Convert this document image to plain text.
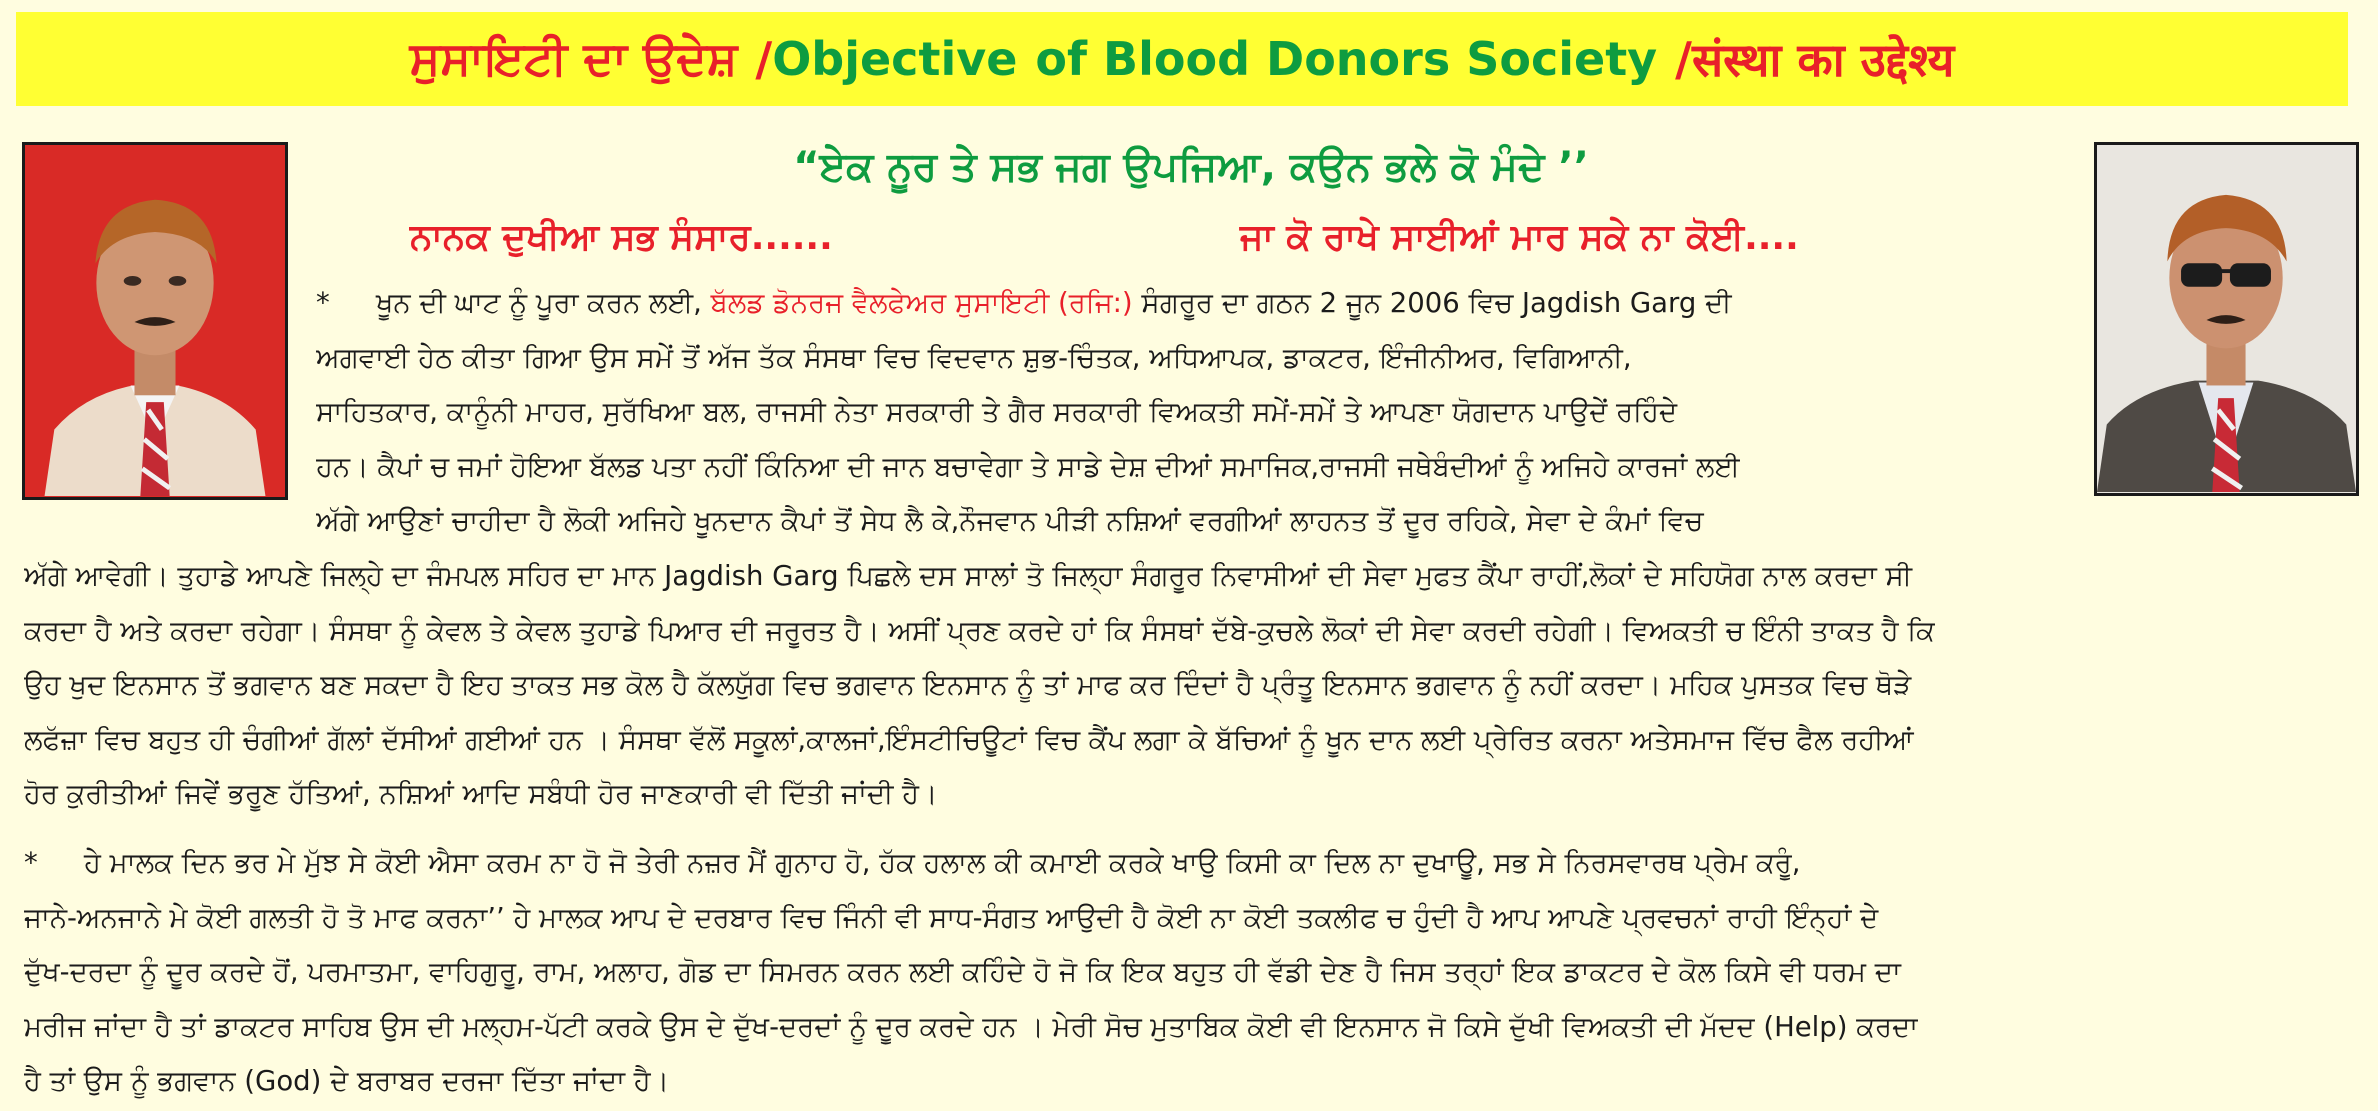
ਸੁਸਾਇਟੀ ਦਾ ਉਦੇਸ਼ / Objective of Blood Donors Society / संस्था का उद्देश्य
“ਏਕ ਨੂਰ ਤੇ ਸਭ ਜਗ ਉਪਜਿਆ, ਕਉਨ ਭਲੇ ਕੋ ਮੰਦੇ ’’
ਨਾਨਕ ਦੁਖੀਆ ਸਭ ਸੰਸਾਰ......	ਜਾ ਕੋ ਰਾਖੇ ਸਾਈਆਂ ਮਾਰ ਸਕੇ ਨਾ ਕੋਈ....
* ਖੂਨ ਦੀ ਘਾਟ ਨੂੰ ਪੂਰਾ ਕਰਨ ਲਈ, ਬੱਲਡ ਡੋਨਰਜ ਵੈਲਫੇਅਰ ਸੁਸਾਇਟੀ (ਰਜਿ:) ਸੰਗਰੂਰ ਦਾ ਗਠਨ 2 ਜੂਨ 2006 ਵਿਚ Jagdish Garg ਦੀ
ਅਗਵਾਈ ਹੇਠ ਕੀਤਾ ਗਿਆ ਉਸ ਸਮੇਂ ਤੋਂ ਅੱਜ ਤੱਕ ਸੰਸਥਾ ਵਿਚ ਵਿਦਵਾਨ ਸ਼ੁਭ-ਚਿੰਤਕ, ਅਧਿਆਪਕ, ਡਾਕਟਰ, ਇੰਜੀਨੀਅਰ, ਵਿਗਿਆਨੀ,
ਸਾਹਿਤਕਾਰ, ਕਾਨੂੰਨੀ ਮਾਹਰ, ਸੁਰੱਖਿਆ ਬਲ, ਰਾਜਸੀ ਨੇਤਾ ਸਰਕਾਰੀ ਤੇ ਗੈਰ ਸਰਕਾਰੀ ਵਿਅਕਤੀ ਸਮੇਂ-ਸਮੇਂ ਤੇ ਆਪਣਾ ਯੋਗਦਾਨ ਪਾਉਦੇਂ ਰਹਿੰਦੇ
ਹਨ। ਕੈਪਾਂ ਚ ਜਮਾਂ ਹੋਇਆ ਬੱਲਡ ਪਤਾ ਨਹੀਂ ਕਿੰਨਿਆ ਦੀ ਜਾਨ ਬਚਾਵੇਗਾ ਤੇ ਸਾਡੇ ਦੇਸ਼ ਦੀਆਂ ਸਮਾਜਿਕ,ਰਾਜਸੀ ਜਥੇਬੰਦੀਆਂ ਨੂੰ ਅਜਿਹੇ ਕਾਰਜਾਂ ਲਈ
ਅੱਗੇ ਆਉਣਾਂ ਚਾਹੀਦਾ ਹੈ ਲੋਕੀ ਅਜਿਹੇ ਖੂਨਦਾਨ ਕੈਪਾਂ ਤੋਂ ਸੇਧ ਲੈ ਕੇ,ਨੌਜਵਾਨ ਪੀੜੀ ਨਸ਼ਿਆਂ ਵਰਗੀਆਂ ਲਾਹਨਤ ਤੋਂ ਦੂਰ ਰਹਿਕੇ, ਸੇਵਾ ਦੇ ਕੰਮਾਂ ਵਿਚ
ਅੱਗੇ ਆਵੇਗੀ। ਤੁਹਾਡੇ ਆਪਣੇ ਜਿਲ੍ਹੇ ਦਾ ਜੰਮਪਲ ਸਹਿਰ ਦਾ ਮਾਨ Jagdish Garg ਪਿਛਲੇ ਦਸ ਸਾਲਾਂ ਤੋ ਜਿਲ੍ਹਾ ਸੰਗਰੂਰ ਨਿਵਾਸੀਆਂ ਦੀ ਸੇਵਾ ਮੁਫਤ ਕੈਂਪਾ ਰਾਹੀਂ,ਲੋਕਾਂ ਦੇ ਸਹਿਯੋਗ ਨਾਲ ਕਰਦਾ ਸੀ
ਕਰਦਾ ਹੈ ਅਤੇ ਕਰਦਾ ਰਹੇਗਾ। ਸੰਸਥਾ ਨੂੰ ਕੇਵਲ ਤੇ ਕੇਵਲ ਤੁਹਾਡੇ ਪਿਆਰ ਦੀ ਜਰੂਰਤ ਹੈ। ਅਸੀਂ ਪ੍ਰਣ ਕਰਦੇ ਹਾਂ ਕਿ ਸੰਸਥਾਂ ਦੱਬੇ-ਕੁਚਲੇ ਲੋਕਾਂ ਦੀ ਸੇਵਾ ਕਰਦੀ ਰਹੇਗੀ। ਵਿਅਕਤੀ ਚ ਇੰਨੀ ਤਾਕਤ ਹੈ ਕਿ
ਉਹ ਖੁਦ ਇਨਸਾਨ ਤੋਂ ਭਗਵਾਨ ਬਣ ਸਕਦਾ ਹੈ ਇਹ ਤਾਕਤ ਸਭ ਕੋਲ ਹੈ ਕੱਲਯੁੱਗ ਵਿਚ ਭਗਵਾਨ ਇਨਸਾਨ ਨੂੰ ਤਾਂ ਮਾਫ ਕਰ ਦਿੰਦਾਂ ਹੈ ਪ੍ਰੰਤੂ ਇਨਸਾਨ ਭਗਵਾਨ ਨੂੰ ਨਹੀਂ ਕਰਦਾ। ਮਹਿਕ ਪੁਸਤਕ ਵਿਚ ਥੋੜੇ
ਲਫੱਜ਼ਾ ਵਿਚ ਬਹੁਤ ਹੀ ਚੰਗੀਆਂ ਗੱਲਾਂ ਦੱਸੀਆਂ ਗਈਆਂ ਹਨ । ਸੰਸਥਾ ਵੱਲੋਂ ਸਕੂਲਾਂ,ਕਾਲਜਾਂ,ਇੰਸਟੀਚਿਊਟਾਂ ਵਿਚ ਕੈਂਪ ਲਗਾ ਕੇ ਬੱਚਿਆਂ ਨੂੰ ਖੂਨ ਦਾਨ ਲਈ ਪ੍ਰੇਰਿਤ ਕਰਨਾ ਅਤੇਸਮਾਜ ਵਿੱਚ ਫੈਲ ਰਹੀਆਂ
ਹੋਰ ਕੁਰੀਤੀਆਂ ਜਿਵੇਂ ਭਰੂਣ ਹੱਤਿਆਂ, ਨਸ਼ਿਆਂ ਆਦਿ ਸਬੰਧੀ ਹੋਰ ਜਾਣਕਾਰੀ ਵੀ ਦਿੱਤੀ ਜਾਂਦੀ ਹੈ।
* ਹੇ ਮਾਲਕ ਦਿਨ ਭਰ ਮੇ ਮੁੱਝ ਸੇ ਕੋਈ ਐਸਾ ਕਰਮ ਨਾ ਹੋ ਜੋ ਤੇਰੀ ਨਜ਼ਰ ਮੈਂ ਗੁਨਾਹ ਹੋ, ਹੱਕ ਹਲਾਲ ਕੀ ਕਮਾਈ ਕਰਕੇ ਖਾਉ ਕਿਸੀ ਕਾ ਦਿਲ ਨਾ ਦੁਖਾਊ, ਸਭ ਸੇ ਨਿਰਸਵਾਰਥ ਪ੍ਰੇਮ ਕਰੂੰ,
ਜਾਨੇ-ਅਨਜਾਨੇ ਮੇ ਕੋਈ ਗਲਤੀ ਹੋ ਤੋ ਮਾਫ ਕਰਨਾ’’ ਹੇ ਮਾਲਕ ਆਪ ਦੇ ਦਰਬਾਰ ਵਿਚ ਜਿੰਨੀ ਵੀ ਸਾਧ-ਸੰਗਤ ਆਉਦੀ ਹੈ ਕੋਈ ਨਾ ਕੋਈ ਤਕਲੀਫ ਚ ਹੁੰਦੀ ਹੈ ਆਪ ਆਪਣੇ ਪ੍ਰਵਚਨਾਂ ਰਾਹੀ ਇੰਨ੍ਹਾਂ ਦੇ
ਦੁੱਖ-ਦਰਦਾ ਨੂੰ ਦੂਰ ਕਰਦੇ ਹੋਂ, ਪਰਮਾਤਮਾ, ਵਾਹਿਗੁਰੂ, ਰਾਮ, ਅਲਾਹ, ਗੋਡ ਦਾ ਸਿਮਰਨ ਕਰਨ ਲਈ ਕਹਿੰਦੇ ਹੋ ਜੋ ਕਿ ਇਕ ਬਹੁਤ ਹੀ ਵੱਡੀ ਦੇਣ ਹੈ ਜਿਸ ਤਰ੍ਹਾਂ ਇਕ ਡਾਕਟਰ ਦੇ ਕੋਲ ਕਿਸੇ ਵੀ ਧਰਮ ਦਾ
ਮਰੀਜ ਜਾਂਦਾ ਹੈ ਤਾਂ ਡਾਕਟਰ ਸਾਹਿਬ ਉਸ ਦੀ ਮਲ੍ਹਮ-ਪੱਟੀ ਕਰਕੇ ਉਸ ਦੇ ਦੁੱਖ-ਦਰਦਾਂ ਨੂੰ ਦੂਰ ਕਰਦੇ ਹਨ । ਮੇਰੀ ਸੋਚ ਮੁਤਾਬਿਕ ਕੋਈ ਵੀ ਇਨਸਾਨ ਜੋ ਕਿਸੇ ਦੁੱਖੀ ਵਿਅਕਤੀ ਦੀ ਮੱਦਦ (Help) ਕਰਦਾ
ਹੈ ਤਾਂ ਉਸ ਨੂੰ ਭਗਵਾਨ (God) ਦੇ ਬਰਾਬਰ ਦਰਜਾ ਦਿੱਤਾ ਜਾਂਦਾ ਹੈ।
